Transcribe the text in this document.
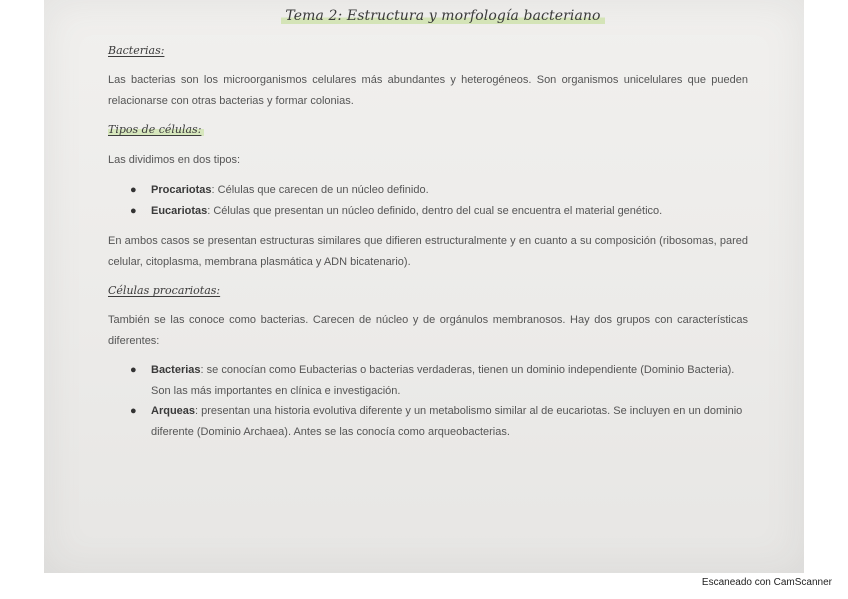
Tema 2: Estructura y morfología bacteriano
Bacterias:
Las bacterias son los microorganismos celulares más abundantes y heterogéneos. Son organismos unicelulares que pueden relacionarse con otras bacterias y formar colonias.
Tipos de células:
Las dividimos en dos tipos:
● Procariotas: Células que carecen de un núcleo definido.
● Eucariotas: Células que presentan un núcleo definido, dentro del cual se encuentra el material genético.
En ambos casos se presentan estructuras similares que difieren estructuralmente y en cuanto a su composición (ribosomas, pared celular, citoplasma, membrana plasmática y ADN bicatenario).
Células procariotas:
También se las conoce como bacterias. Carecen de núcleo y de orgánulos membranosos. Hay dos grupos con características diferentes:
● Bacterias: se conocían como Eubacterias o bacterias verdaderas, tienen un dominio independiente (Dominio Bacteria). Son las más importantes en clínica e investigación.
● Arqueas: presentan una historia evolutiva diferente y un metabolismo similar al de eucariotas. Se incluyen en un dominio diferente (Dominio Archaea). Antes se las conocía como arqueobacterias.
Escaneado con CamScanner
